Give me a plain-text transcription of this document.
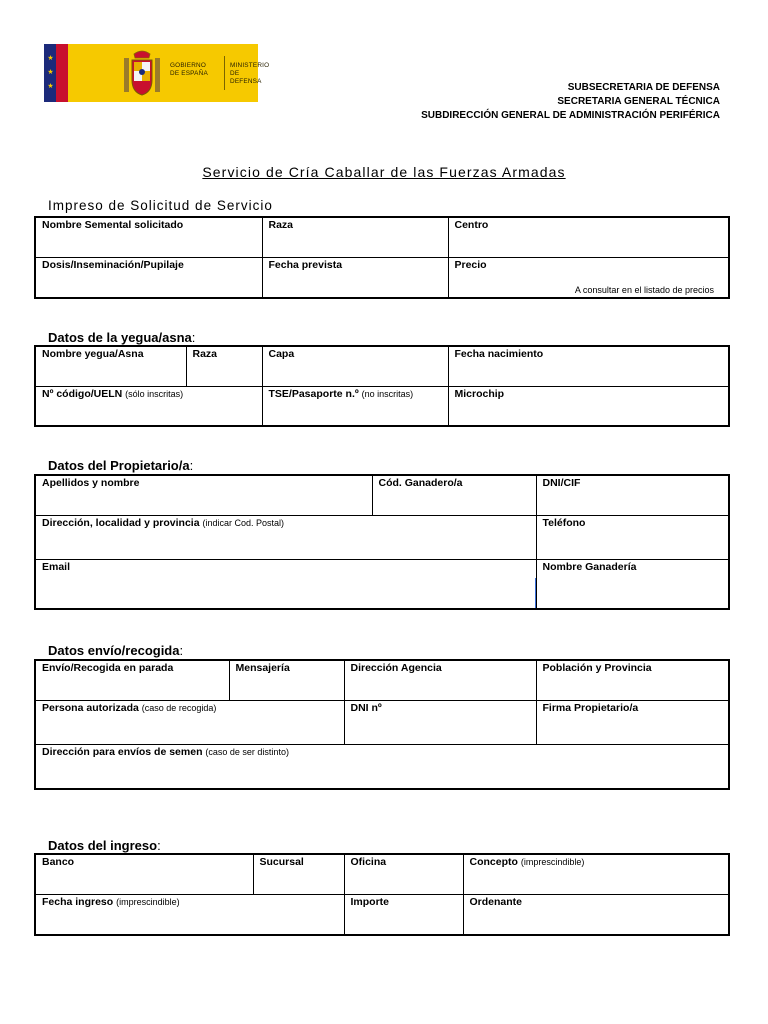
★
★
★
GOBIERNO
DE ESPAÑA
MINISTERIO
DE DEFENSA
SUBSECRETARIA DE DEFENSA
SECRETARIA GENERAL TÉCNICA
SUBDIRECCIÓN GENERAL DE ADMINISTRACIÓN PERIFÉRICA
Servicio de Cría Caballar de las Fuerzas Armadas
Impreso de Solicitud de Servicio
Nombre Semental solicitado	Raza	Centro

Dosis/Inseminación/Pupilaje	Fecha prevista	Precio

		A consultar en el listado de precios
Datos de la yegua/asna:
Nombre yegua/Asna	Raza	Capa	Fecha nacimiento

Nº código/UELN (sólo inscritas)		TSE/Pasaporte n.º (no inscritas)	Microchip

Datos del Propietario/a:
Apellidos y nombre	Cód. Ganadero/a	DNI/CIF

Dirección, localidad y provincia (indicar Cod. Postal)		Teléfono

Email		Nombre Ganadería

Datos envío/recogida:
Envío/Recogida en parada	Mensajería	Dirección Agencia	Población y Provincia

Persona autorizada (caso de recogida)		DNI nº	Firma Propietario/a

Dirección para envíos de semen (caso de ser distinto)			

Datos del ingreso:
Banco	Sucursal	Oficina	Concepto (imprescindible)

Fecha ingreso (imprescindible)		Importe	Ordenante
